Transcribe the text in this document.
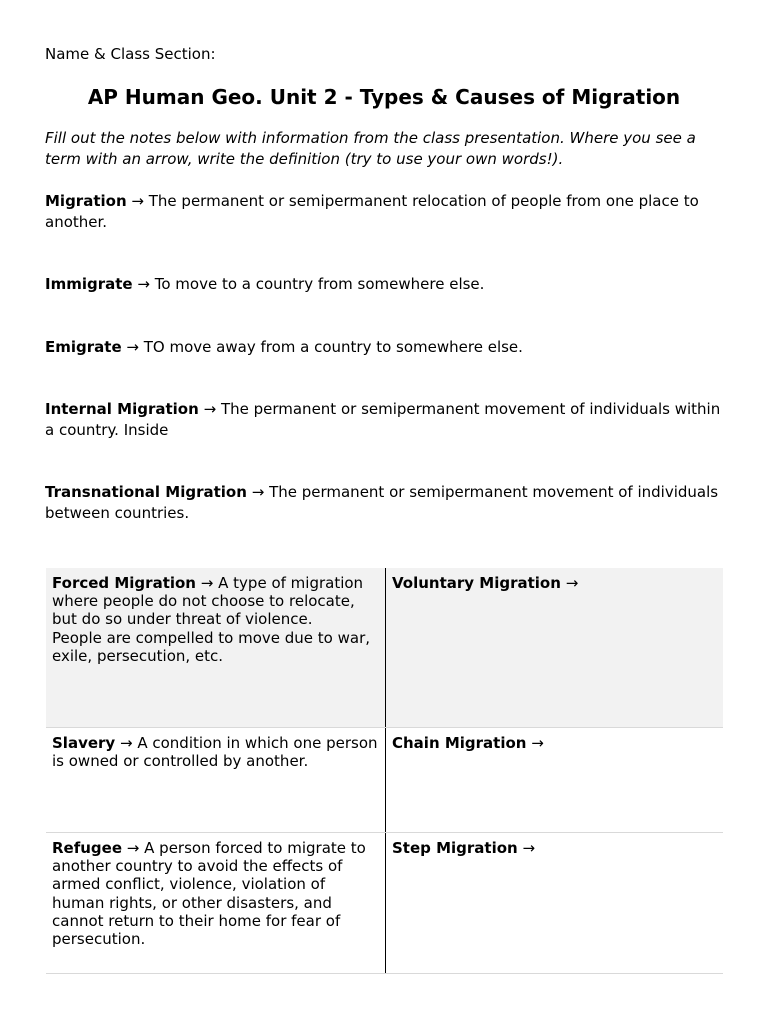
Name & Class Section:

AP Human Geo. Unit 2 - Types & Causes of Migration

Fill out the notes below with information from the class presentation. Where you see a term with an arrow, write the definition (try to use your own words!).

Migration → The permanent or semipermanent relocation of people from one place to another.

Immigrate → To move to a country from somewhere else.

Emigrate → TO move away from a country to somewhere else.

Internal Migration → The permanent or semipermanent movement of individuals within a country. Inside

Transnational Migration → The permanent or semipermanent movement of individuals between countries.

Forced Migration → A type of migration where people do not choose to relocate, but do so under threat of violence.
People are compelled to move due to war, exile, persecution, etc.	Voluntary Migration →
Slavery → A condition in which one person is owned or controlled by another.	Chain Migration →
Refugee → A person forced to migrate to another country to avoid the effects of armed conflict, violence, violation of human rights, or other disasters, and cannot return to their home for fear of persecution.	Step Migration →
